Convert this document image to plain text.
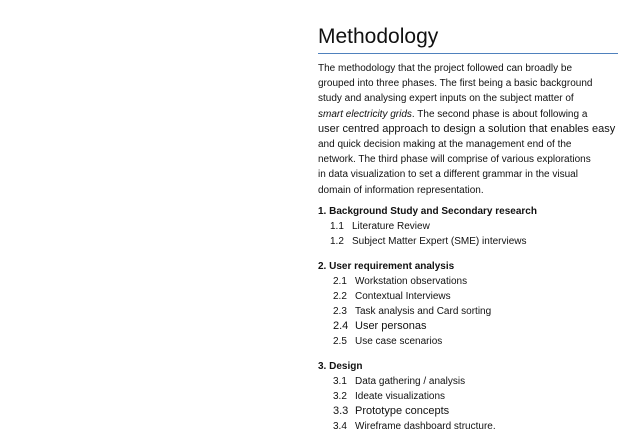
Methodology

The methodology that the project followed can broadly be
grouped into three phases. The first being a basic background
study and analysing expert inputs on the subject matter of
smart electricity grids. The second phase is about following a
user centred approach to design a solution that enables easy
and quick decision making at the management end of the
network. The third phase will comprise of various explorations
in data visualization to set a different grammar in the visual
domain of information representation.

1. Background Study and Secondary research

1.1 Literature Review

1.2 Subject Matter Expert (SME) interviews

2. User requirement analysis

2.1 Workstation observations

2.2 Contextual Interviews

2.3 Task analysis and Card sorting

2.4 User personas

2.5 Use case scenarios

3. Design

3.1 Data gathering / analysis

3.2 Ideate visualizations

3.3 Prototype concepts

3.4 Wireframe dashboard structure.
